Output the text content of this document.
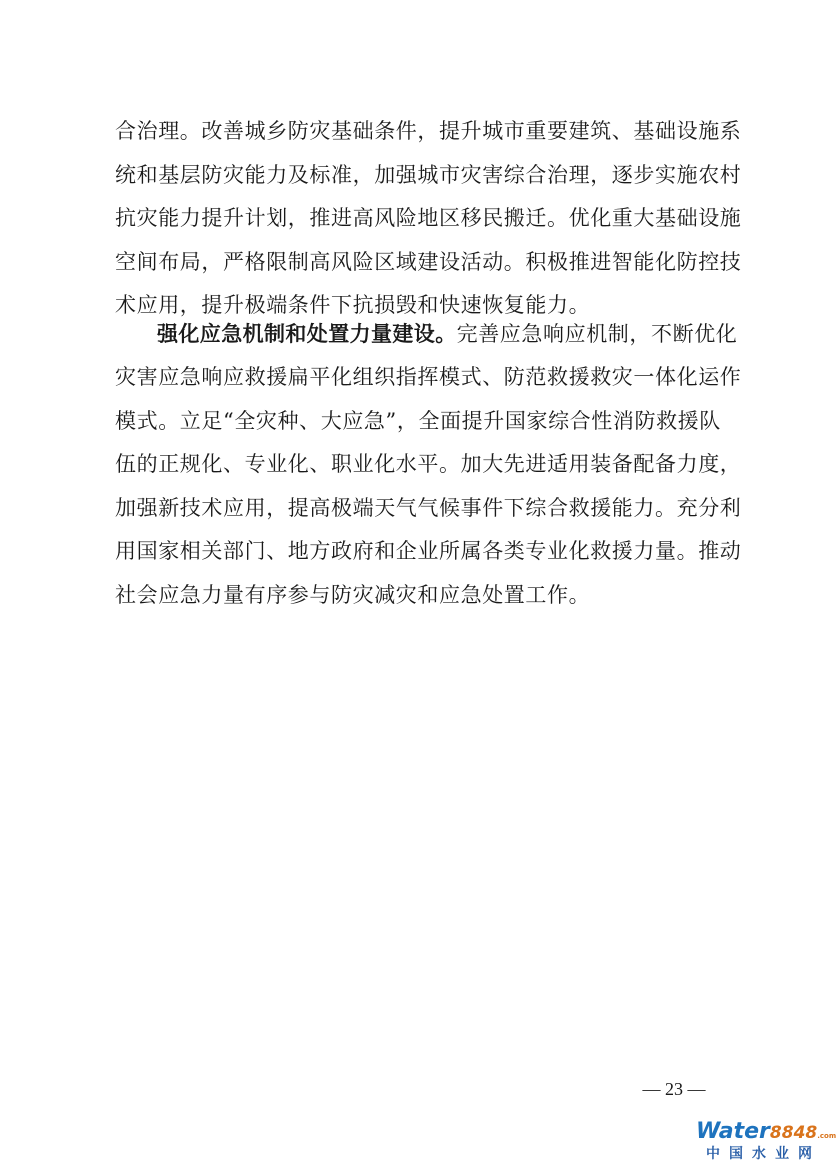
合治理。改善城乡防灾基础条件，提升城市重要建筑、基础设施系
统和基层防灾能力及标准，加强城市灾害综合治理，逐步实施农村
抗灾能力提升计划，推进高风险地区移民搬迁。优化重大基础设施
空间布局，严格限制高风险区域建设活动。积极推进智能化防控技
术应用，提升极端条件下抗损毁和快速恢复能力。
强化应急机制和处置力量建设。完善应急响应机制，不断优化
灾害应急响应救援扁平化组织指挥模式、防范救援救灾一体化运作
模式。立足“全灾种、大应急”，全面提升国家综合性消防救援队
伍的正规化、专业化、职业化水平。加大先进适用装备配备力度，
加强新技术应用，提高极端天气气候事件下综合救援能力。充分利
用国家相关部门、地方政府和企业所属各类专业化救援力量。推动
社会应急力量有序参与防灾减灾和应急处置工作。
— 23 —
Water8848.com
中国水业网
